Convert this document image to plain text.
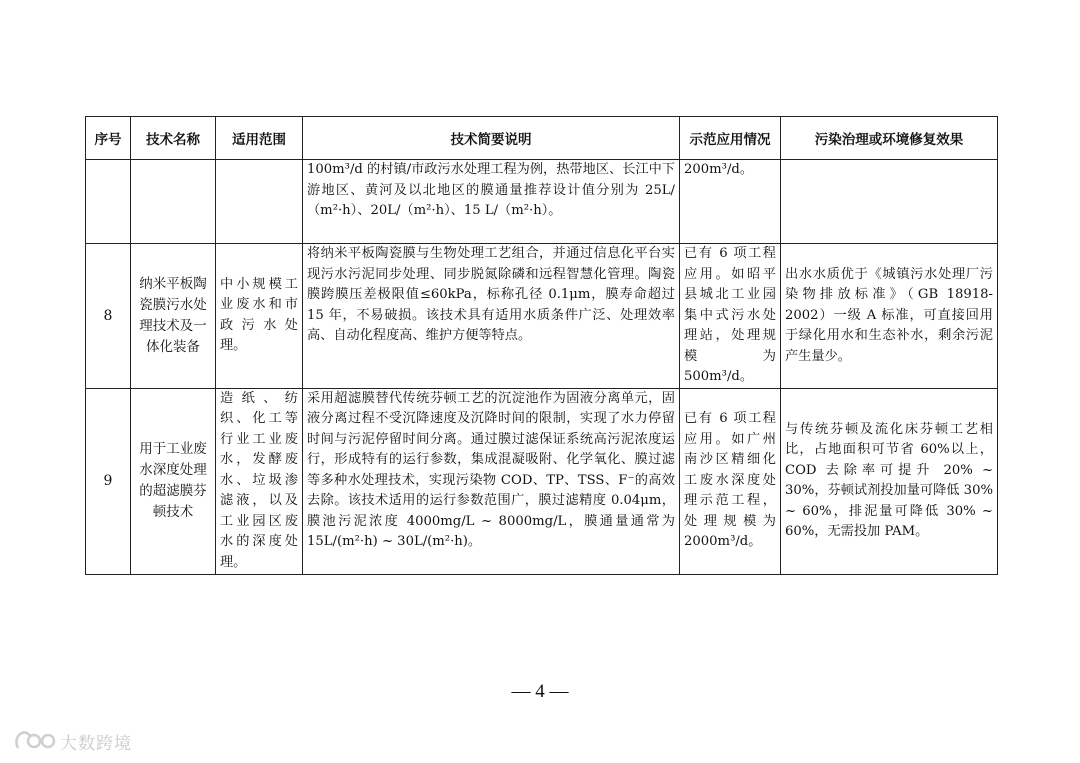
序号	技术名称	适用范围	技术简要说明	示范应用情况	污染治理或环境修复效果

			100m³/d 的村镇/市政污水处理工程为例，热带地区、长江中下游地区、黄河及以北地区的膜通量推荐设计值分别为 25L/（m²·h）、20L/（m²·h）、15 L/（m²·h）。	200m³/d。	

8	纳米平板陶瓷膜污水处理技术及一体化装备	中小规模工业废水和市政污水处理。	将纳米平板陶瓷膜与生物处理工艺组合，并通过信息化平台实现污水污泥同步处理、同步脱氮除磷和远程智慧化管理。陶瓷膜跨膜压差极限值≤60kPa，标称孔径 0.1μm，膜寿命超过 15 年，不易破损。该技术具有适用水质条件广泛、处理效率高、自动化程度高、维护方便等特点。	已有 6 项工程应用。如昭平县城北工业园集中式污水处理站，处理规模为500m³/d。	出水水质优于《城镇污水处理厂污染物排放标准》（GB 18918-2002）一级 A 标准，可直接回用于绿化用水和生态补水，剩余污泥产生量少。

9	用于工业废水深度处理的超滤膜芬顿技术	造纸、纺织、化工等行业工业废水，发酵废水、垃圾渗滤液，以及工业园区废水的深度处理。	采用超滤膜替代传统芬顿工艺的沉淀池作为固液分离单元，固液分离过程不受沉降速度及沉降时间的限制，实现了水力停留时间与污泥停留时间分离。通过膜过滤保证系统高污泥浓度运行，形成特有的运行参数，集成混凝吸附、化学氧化、膜过滤等多种水处理技术，实现污染物 COD、TP、TSS、F⁻的高效去除。该技术适用的运行参数范围广，膜过滤精度 0.04μm，膜池污泥浓度 4000mg/L ~ 8000mg/L，膜通量通常为 15L/(m²·h) ~ 30L/(m²·h)。	已有 6 项工程应用。如广州南沙区精细化工废水深度处理示范工程，处理规模为 2000m³/d。	与传统芬顿及流化床芬顿工艺相比，占地面积可节省 60%以上，COD 去除率可提升 20% ~ 30%，芬顿试剂投加量可降低 30% ~ 60%，排泥量可降低 30% ~ 60%，无需投加 PAM。

— 4 —
大数跨境
